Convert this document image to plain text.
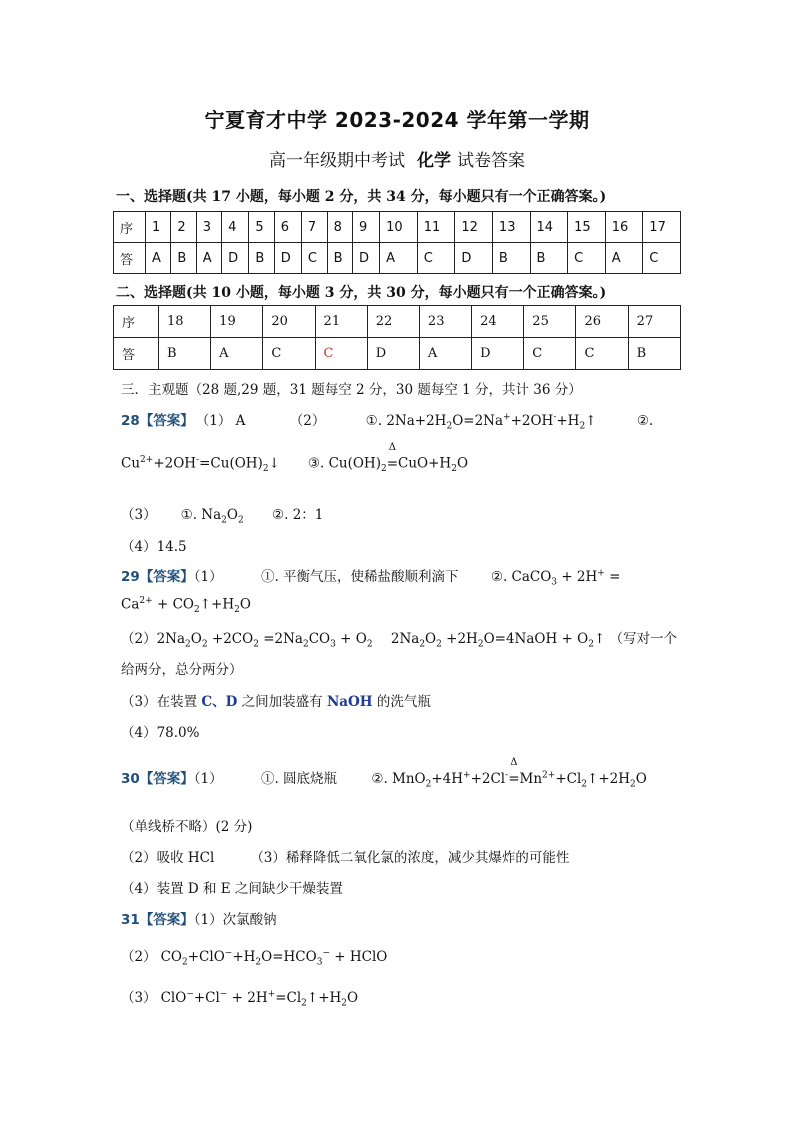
宁夏育才中学 2023-2024 学年第一学期
高一年级期中考试 化学 试卷答案
一、选择题(共 17 小题，每小题 2 分，共 34 分，每小题只有一个正确答案。)
序	1	2	3	4	5	6	7	8	9	10	11	12	13	14	15	16	17
答	A	B	A	D	B	D	C	B	D	A	C	D	B	B	C	A	C
二、选择题(共 10 小题，每小题 3 分，共 30 分，每小题只有一个正确答案。)
序	18	19	20	21	22	23	24	25	26	27
答	B	A	C	C	D	A	D	C	C	B
三．主观题（28 题,29 题，31 题每空 2 分，30 题每空 1 分，共计 36 分）
28【答案】 （1） A	（2）	①. $2Na+2H_2O=2Na^++2OH^-+H_2↑$	②.
$Cu^{2+}+2OH^-=Cu(OH)_2↓$ ③. $Cu(OH)_2$
Δ
$=CuO+H_2O$
（3） ①. $Na_2O_2$ ②. 2：1
（4）14.5
29【答案】（1）	①. 平衡气压，使稀盐酸顺利滴下 ②. CaCO$_3$ + 2H+ =
$Ca^{2+}$ + $CO_2↑+H_2O$
$(2)2Na_2O_2 +2CO_2 =2Na_2CO_3 + O_2$ $2Na_2O_2$ $+2H_2O=4NaOH$ + $O_2↑$ （写对一个
给两分，总分两分）
（3）在装置 C、D 之间加装盛有 NaOH 的洗气瓶
（4）78.0%
30【答案】（1）	①. 圆底烧瓶	②. MnO$_2$+4H++2Cl-
Δ
$=Mn^{2+}+Cl_2↑+2H_2O$
（单线桥不略）(2 分)
（2）吸收 HCl	（3）稀释降低二氧化氯的浓度，减少其爆炸的可能性
（4）装置 D 和 E 之间缺少干燥装置
31【答案】（1）次氯酸钠
（2） $CO_2+ClO^-+H_2O=HCO_3^-$ + HClO
（3） $ClO^-+Cl^- + 2H^+=Cl_2↑+H_2O$
